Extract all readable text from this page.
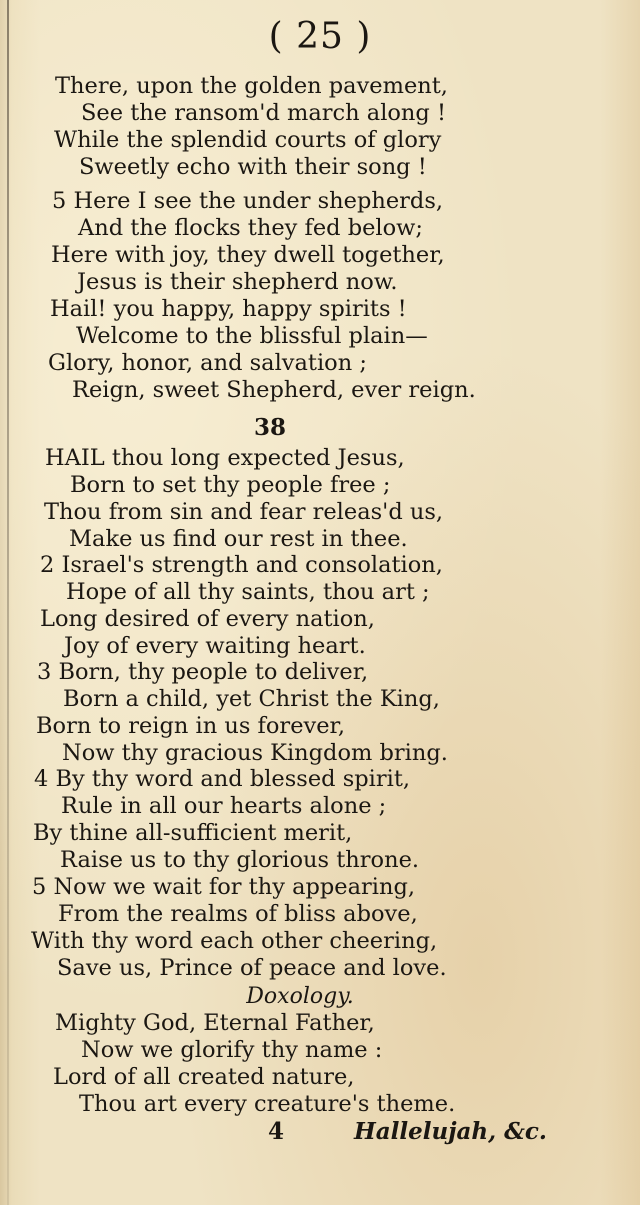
( 25 )
There, upon the golden pavement,
See the ransom'd march along !
While the splendid courts of glory
Sweetly echo with their song !
5 Here I see the under shepherds,
And the flocks they fed below;
Here with joy, they dwell together,
Jesus is their shepherd now.
Hail! you happy, happy spirits !
Welcome to the blissful plain—
Glory, honor, and salvation ;
Reign, sweet Shepherd, ever reign.
38
HAIL thou long expected Jesus,
Born to set thy people free ;
Thou from sin and fear releas'd us,
Make us find our rest in thee.
2 Israel's strength and consolation,
Hope of all thy saints, thou art ;
Long desired of every nation,
Joy of every waiting heart.
3 Born, thy people to deliver,
Born a child, yet Christ the King,
Born to reign in us forever,
Now thy gracious Kingdom bring.
4 By thy word and blessed spirit,
Rule in all our hearts alone ;
By thine all-sufficient merit,
Raise us to thy glorious throne.
5 Now we wait for thy appearing,
From the realms of bliss above,
With thy word each other cheering,
Save us, Prince of peace and love.
Doxology.
Mighty God, Eternal Father,
Now we glorify thy name :
Lord of all created nature,
Thou art every creature's theme.
4	Hallelujah, &c.
